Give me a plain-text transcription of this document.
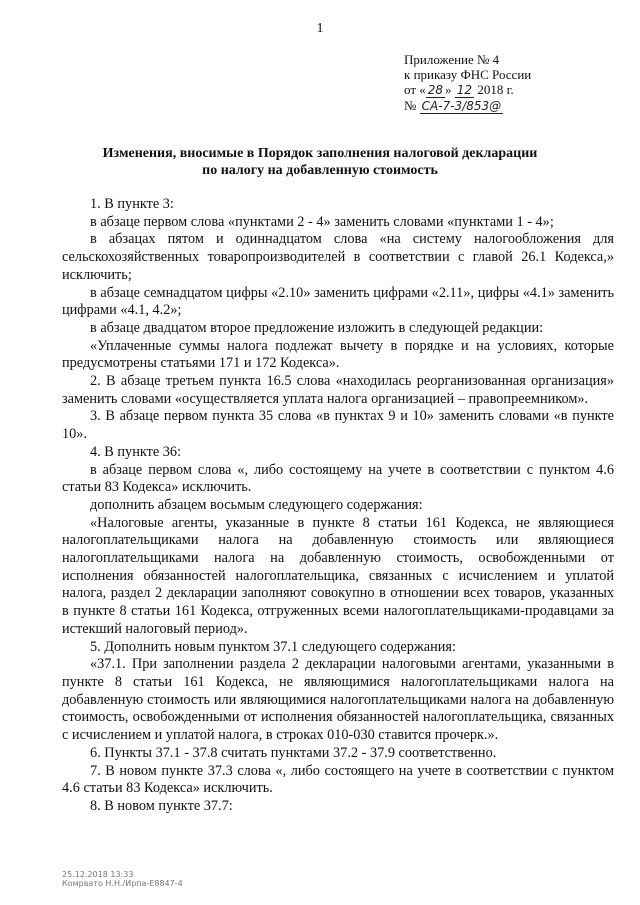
1
Приложение № 4
к приказу ФНС России
от « 28 » 12 2018 г.
№ СА-7-3/853@
Изменения, вносимые в Порядок заполнения налоговой декларации
по налогу на добавленную стоимость

1. В пункте 3:

в абзаце первом слова «пунктами 2 - 4» заменить словами «пунктами 1 - 4»;

в абзацах пятом и одиннадцатом слова «на систему налогообложения для сельскохозяйственных товаропроизводителей в соответствии с главой 26.1 Кодекса,» исключить;

в абзаце семнадцатом цифры «2.10» заменить цифрами «2.11», цифры «4.1» заменить цифрами «4.1, 4.2»;

в абзаце двадцатом второе предложение изложить в следующей редакции:

«Уплаченные суммы налога подлежат вычету в порядке и на условиях, которые предусмотрены статьями 171 и 172 Кодекса».

2. В абзаце третьем пункта 16.5 слова «находилась реорганизованная организация» заменить словами «осуществляется уплата налога организацией – правопреемником».

3. В абзаце первом пункта 35 слова «в пунктах 9 и 10» заменить словами «в пункте 10».

4. В пункте 36:

в абзаце первом слова «, либо состоящему на учете в соответствии с пунктом 4.6 статьи 83 Кодекса» исключить.

дополнить абзацем восьмым следующего содержания:

«Налоговые агенты, указанные в пункте 8 статьи 161 Кодекса, не являющиеся налогоплательщиками налога на добавленную стоимость или являющиеся налогоплательщиками налога на добавленную стоимость, освобожденными от исполнения обязанностей налогоплательщика, связанных с исчислением и уплатой налога, раздел 2 декларации заполняют совокупно в отношении всех товаров, указанных в пункте 8 статьи 161 Кодекса, отгруженных всеми налогоплательщиками-продавцами за истекший налоговый период».

5. Дополнить новым пунктом 37.1 следующего содержания:

«37.1. При заполнении раздела 2 декларации налоговыми агентами, указанными в пункте 8 статьи 161 Кодекса, не являющимися налогоплательщиками налога на добавленную стоимость или являющимися налогоплательщиками налога на добавленную стоимость, освобожденными от исполнения обязанностей налогоплательщика, связанных с исчислением и уплатой налога, в строках 010-030 ставится прочерк.».

6. Пункты 37.1 - 37.8 считать пунктами 37.2 - 37.9 соответственно.

7. В новом пункте 37.3 слова «, либо состоящего на учете в соответствии с пунктом 4.6 статьи 83 Кодекса» исключить.

8. В новом пункте 37.7:

25.12.2018 13:33
Комрвато Н.Н./Ирпа-Е8847-4
